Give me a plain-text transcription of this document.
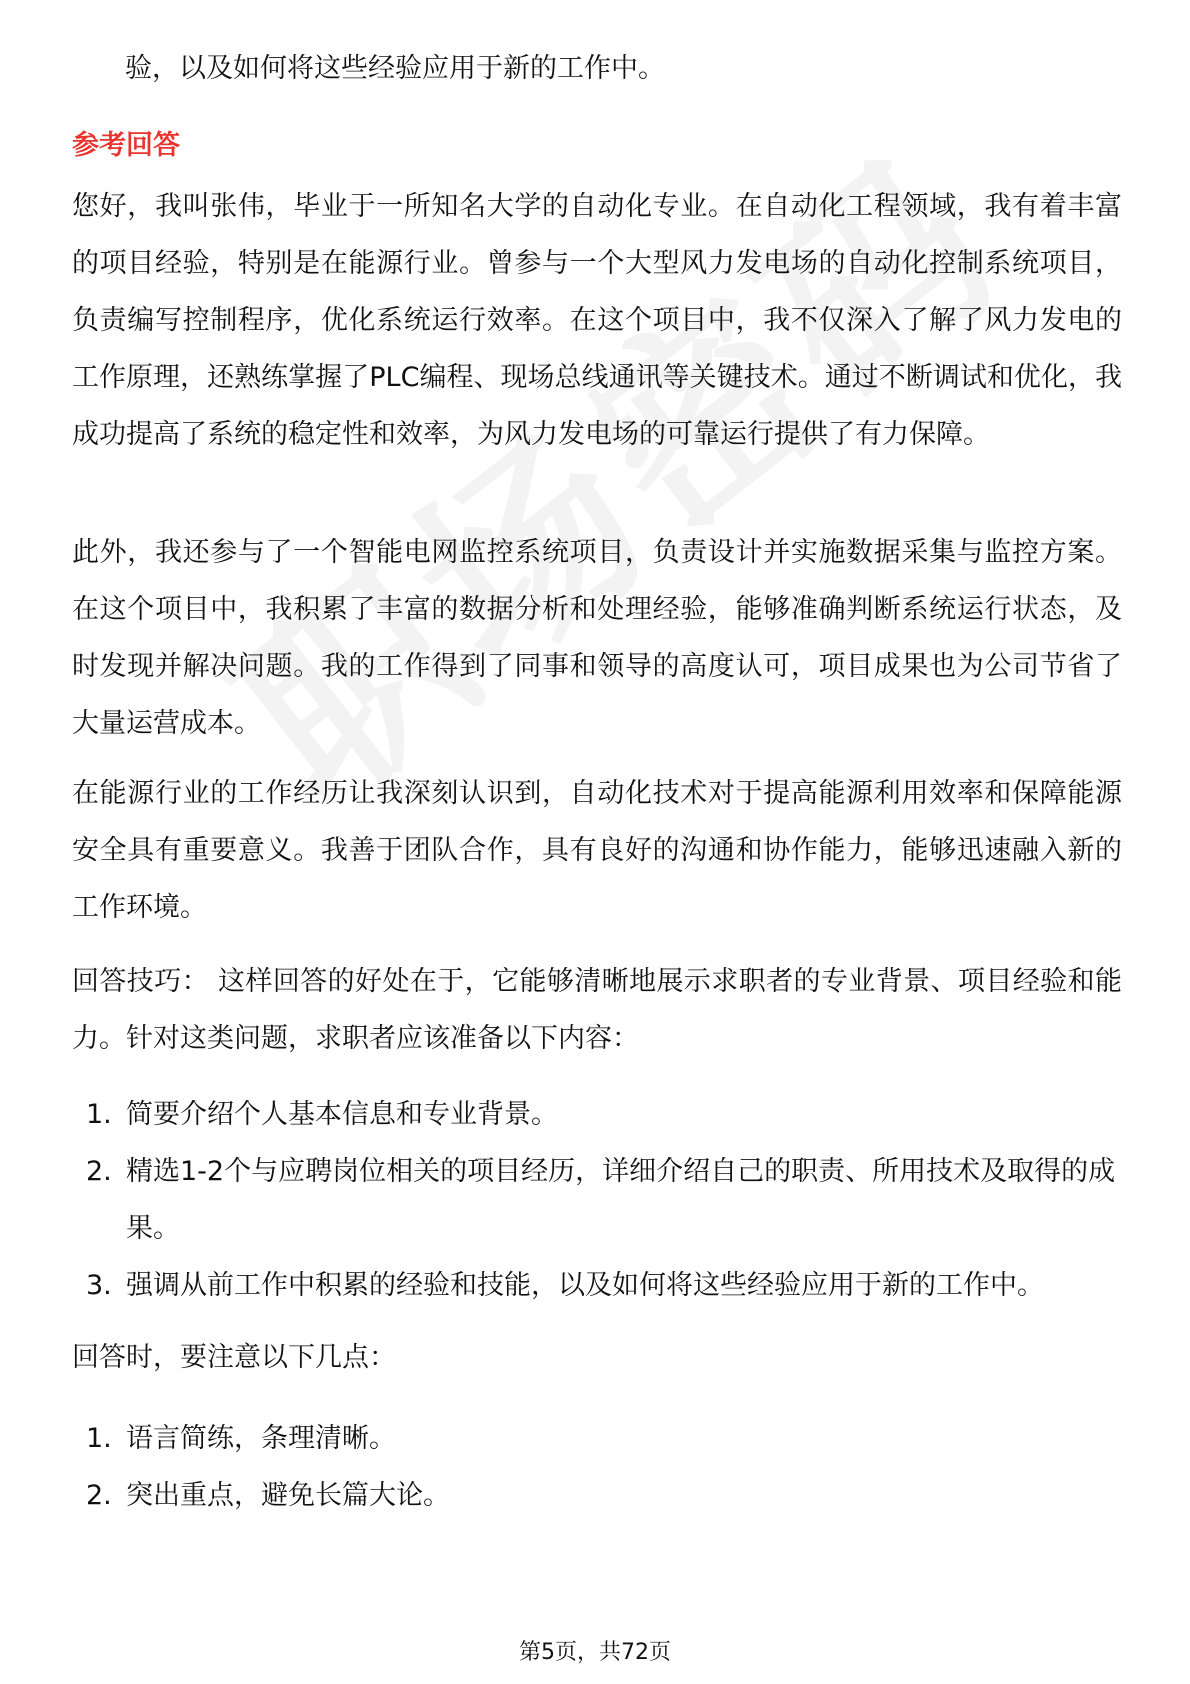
验，以及如何将这些经验应用于新的工作中。
参考回答

您好，我叫张伟，毕业于一所知名大学的自动化专业。在自动化工程领域，我有着丰富的项目经验，特别是在能源行业。曾参与一个大型风力发电场的自动化控制系统项目，负责编写控制程序，优化系统运行效率。在这个项目中，我不仅深入了解了风力发电的工作原理，还熟练掌握了PLC编程、现场总线通讯等关键技术。通过不断调试和优化，我成功提高了系统的稳定性和效率，为风力发电场的可靠运行提供了有力保障。

此外，我还参与了一个智能电网监控系统项目，负责设计并实施数据采集与监控方案。在这个项目中，我积累了丰富的数据分析和处理经验，能够准确判断系统运行状态，及时发现并解决问题。我的工作得到了同事和领导的高度认可，项目成果也为公司节省了大量运营成本。

在能源行业的工作经历让我深刻认识到，自动化技术对于提高能源利用效率和保障能源安全具有重要意义。我善于团队合作，具有良好的沟通和协作能力，能够迅速融入新的工作环境。

回答技巧： 这样回答的好处在于，它能够清晰地展示求职者的专业背景、项目经验和能力。针对这类问题，求职者应该准备以下内容：

1. 简要介绍个人基本信息和专业背景。
2. 精选1-2个与应聘岗位相关的项目经历，详细介绍自己的职责、所用技术及取得的成果。
3. 强调从前工作中积累的经验和技能，以及如何将这些经验应用于新的工作中。

回答时，要注意以下几点：

1. 语言简练，条理清晰。
2. 突出重点，避免长篇大论。
第5页，共72页
